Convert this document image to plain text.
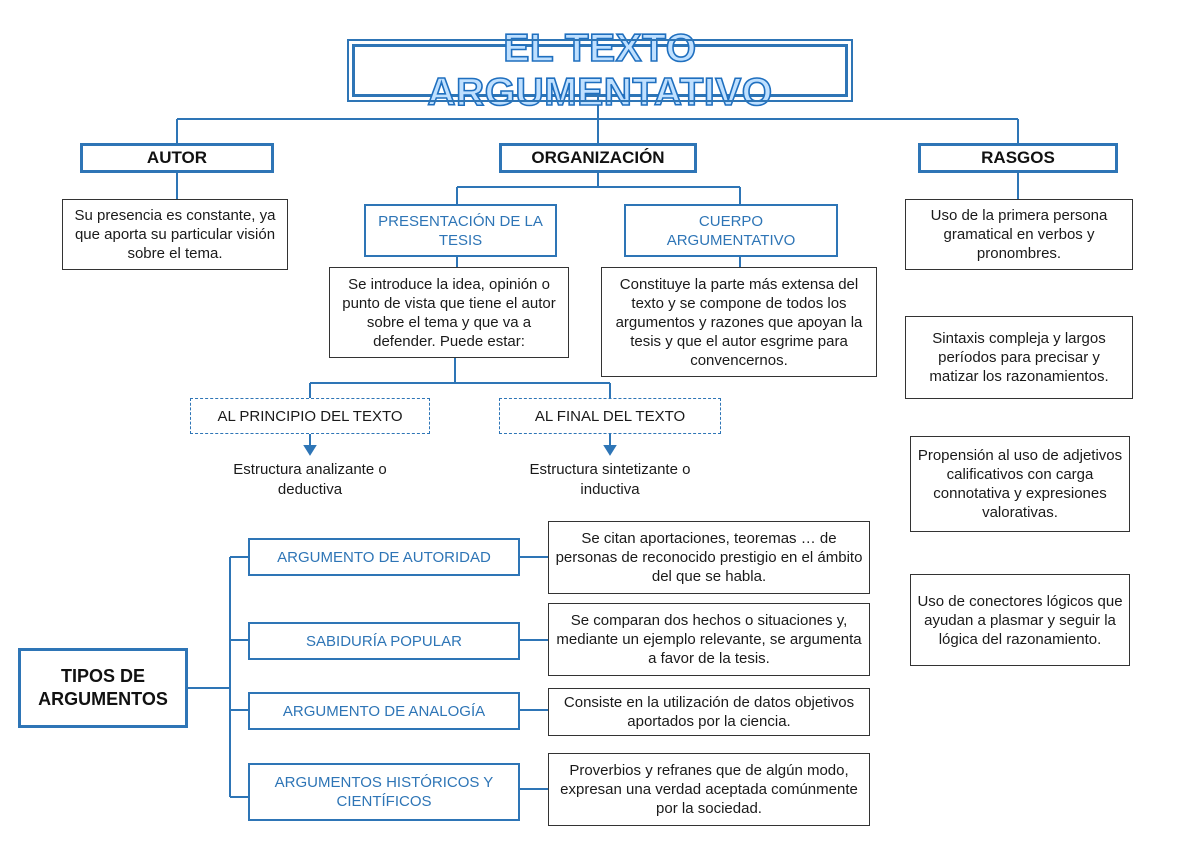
EL TEXTO ARGUMENTATIVO
AUTOR	ORGANIZACIÓN	RASGOS
Su presencia es constante, ya que aporta su particular visión sobre el tema.
PRESENTACIÓN DE LA TESIS
CUERPO ARGUMENTATIVO
Se introduce la idea, opinión o punto de vista que tiene el autor sobre el tema y que va a defender. Puede estar:
Constituye la parte más extensa del texto y se compone de todos los argumentos y razones que apoyan la tesis y que el autor esgrime para convencernos.
AL PRINCIPIO DEL TEXTO	AL FINAL DEL TEXTO
Estructura analizante o deductiva
Estructura sintetizante o inductiva
Uso de la primera persona gramatical en verbos y pronombres.
Sintaxis compleja y largos períodos para precisar y matizar los razonamientos.
Propensión al uso de adjetivos calificativos con carga connotativa y expresiones valorativas.
Uso de conectores lógicos que ayudan a plasmar y seguir la lógica del razonamiento.
TIPOS DE ARGUMENTOS
ARGUMENTO DE AUTORIDAD
SABIDURÍA POPULAR
ARGUMENTO DE ANALOGÍA
ARGUMENTOS HISTÓRICOS Y CIENTÍFICOS
Se citan aportaciones, teoremas … de personas de reconocido prestigio en el ámbito del que se habla.
Se comparan dos hechos o situaciones y, mediante un ejemplo relevante, se argumenta a favor de la tesis.
Consiste en la utilización de datos objetivos aportados por la ciencia.
Proverbios y refranes que de algún modo, expresan una verdad aceptada comúnmente por la sociedad.
